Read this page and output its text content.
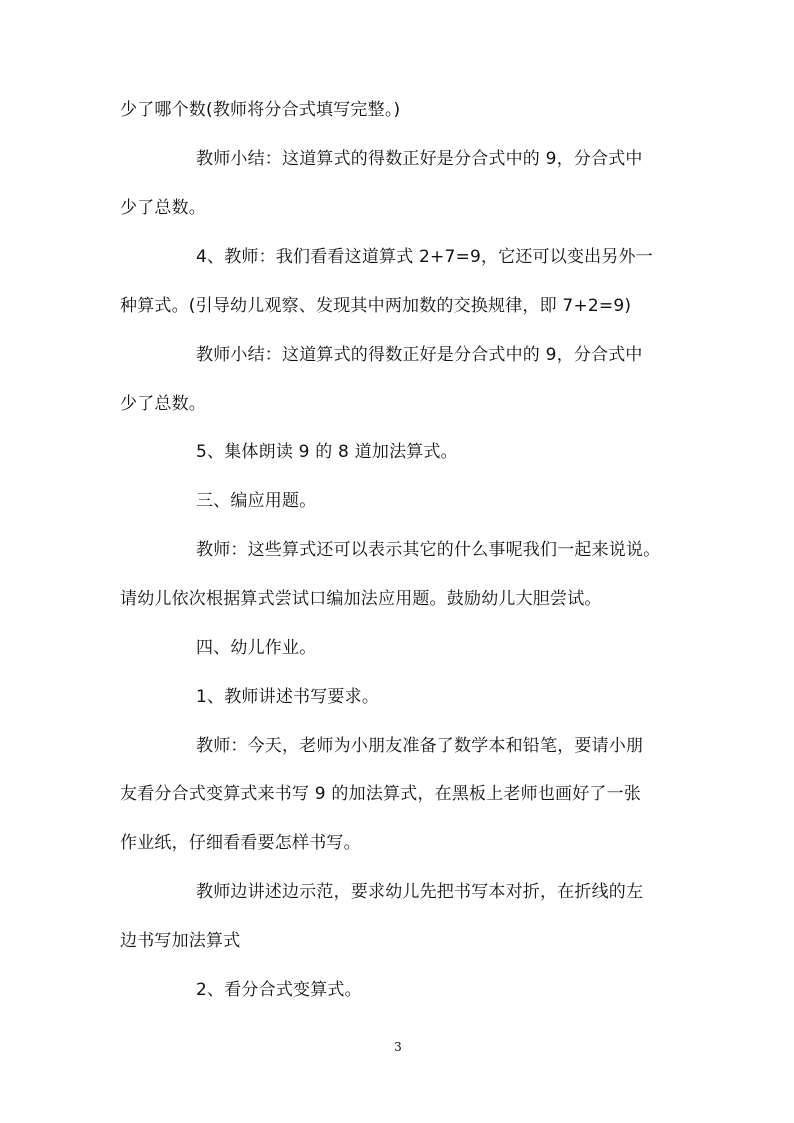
少了哪个数(教师将分合式填写完整。)
教师小结：这道算式的得数正好是分合式中的 9，分合式中
少了总数。
4、教师：我们看看这道算式 2+7=9，它还可以变出另外一
种算式。(引导幼儿观察、发现其中两加数的交换规律，即 7+2=9)
教师小结：这道算式的得数正好是分合式中的 9，分合式中
少了总数。
5、集体朗读 9 的 8 道加法算式。
三、编应用题。
教师：这些算式还可以表示其它的什么事呢我们一起来说说。
请幼儿依次根据算式尝试口编加法应用题。鼓励幼儿大胆尝试。
四、幼儿作业。
1、教师讲述书写要求。
教师：今天，老师为小朋友准备了数学本和铅笔，要请小朋
友看分合式变算式来书写 9 的加法算式，在黑板上老师也画好了一张
作业纸，仔细看看要怎样书写。
教师边讲述边示范，要求幼儿先把书写本对折，在折线的左
边书写加法算式
2、看分合式变算式。
3
